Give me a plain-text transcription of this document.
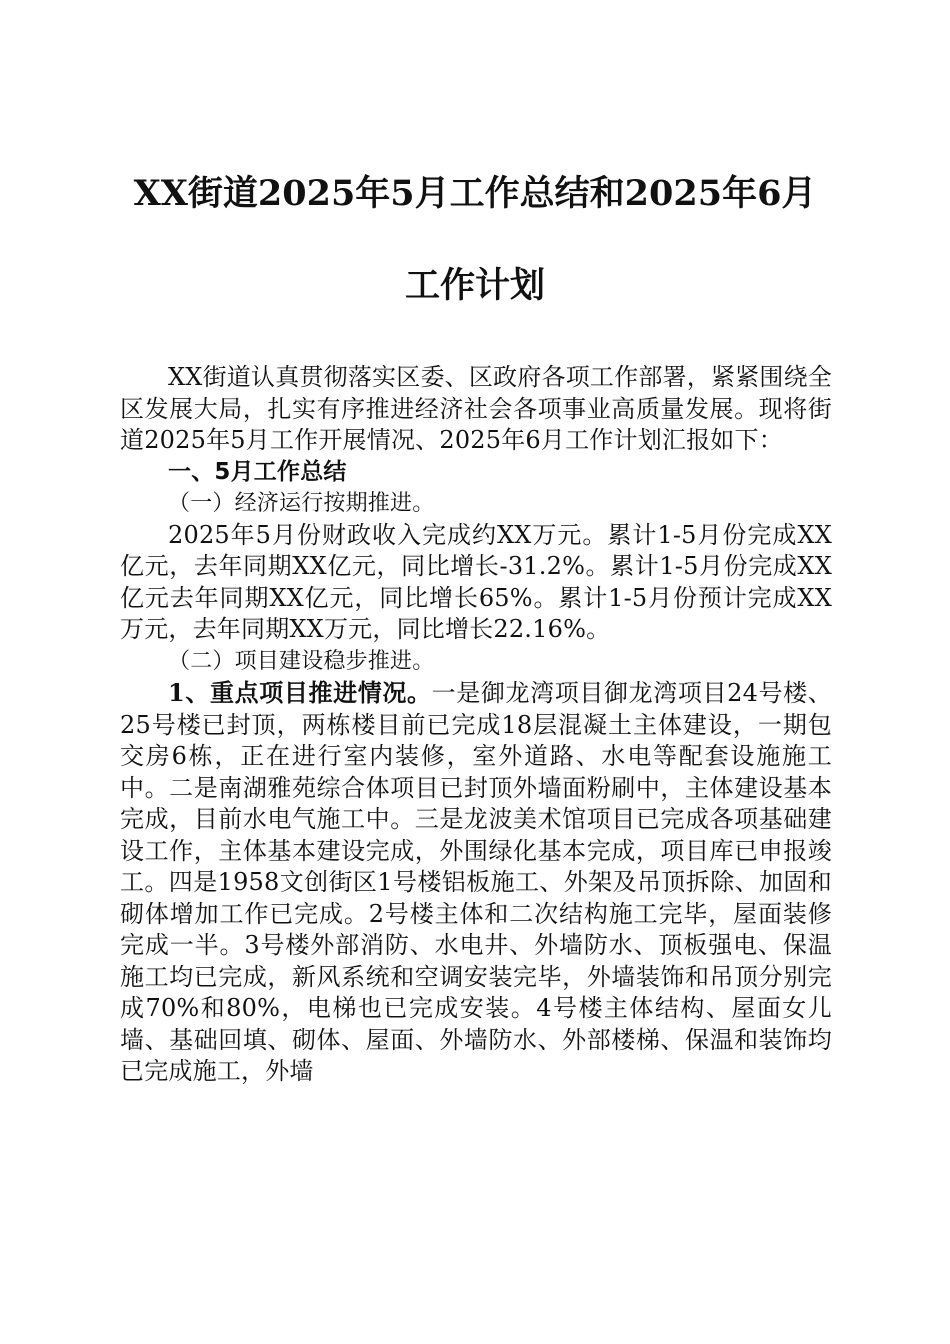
XX街道2025年5月工作总结和2025年6月
工作计划

XX街道认真贯彻落实区委、区政府各项工作部署，紧紧围绕全区发展大局，扎实有序推进经济社会各项事业高质量发展。现将街道2025年5月工作开展情况、2025年6月工作计划汇报如下：

一、5月工作总结

（一）经济运行按期推进。

2025年5月份财政收入完成约XX万元。累计1-5月份完成XX亿元，去年同期XX亿元，同比增长-31.2%。累计1-5月份完成XX亿元去年同期XX亿元，同比增长65%。累计1-5月份预计完成XX万元，去年同期XX万元，同比增长22.16%。

（二）项目建设稳步推进。

1、重点项目推进情况。一是御龙湾项目御龙湾项目24号楼、25号楼已封顶，两栋楼目前已完成18层混凝土主体建设，一期包交房6栋，正在进行室内装修，室外道路、水电等配套设施施工中。二是南湖雅苑综合体项目已封顶外墙面粉刷中，主体建设基本完成，目前水电气施工中。三是龙波美术馆项目已完成各项基础建设工作，主体基本建设完成，外围绿化基本完成，项目库已申报竣工。四是1958文创街区1号楼铝板施工、外架及吊顶拆除、加固和砌体增加工作已完成。2号楼主体和二次结构施工完毕，屋面装修完成一半。3号楼外部消防、水电井、外墙防水、顶板强电、保温施工均已完成，新风系统和空调安装完毕，外墙装饰和吊顶分别完成70%和80%，电梯也已完成安装。4号楼主体结构、屋面女儿墙、基础回填、砌体、屋面、外墙防水、外部楼梯、保温和装饰均已完成施工，外墙
